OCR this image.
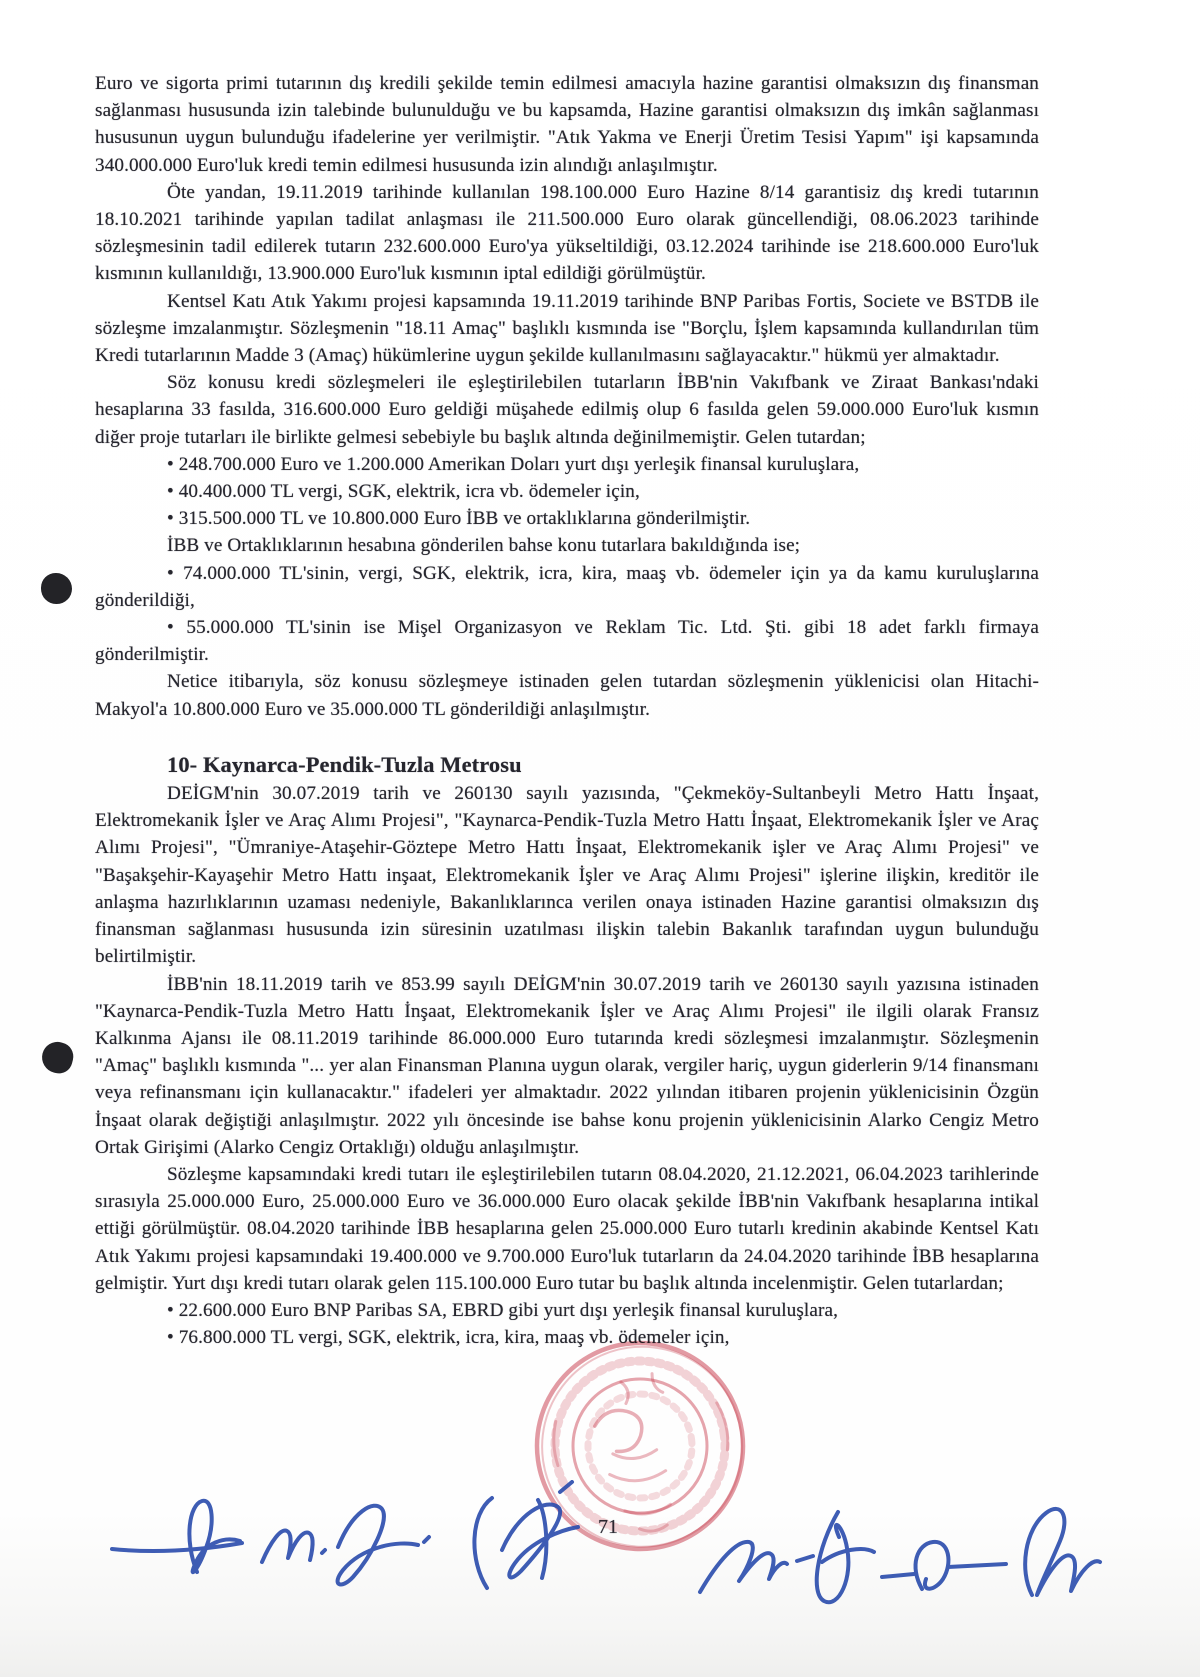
Euro ve sigorta primi tutarının dış kredili şekilde temin edilmesi amacıyla hazine garantisi olmaksızın dış finansman sağlanması hususunda izin talebinde bulunulduğu ve bu kapsamda, Hazine garantisi olmaksızın dış imkân sağlanması hususunun uygun bulunduğu ifadelerine yer verilmiştir. "Atık Yakma ve Enerji Üretim Tesisi Yapım" işi kapsamında 340.000.000 Euro'luk kredi temin edilmesi hususunda izin alındığı anlaşılmıştır.

Öte yandan, 19.11.2019 tarihinde kullanılan 198.100.000 Euro Hazine 8/14 garantisiz dış kredi tutarının 18.10.2021 tarihinde yapılan tadilat anlaşması ile 211.500.000 Euro olarak güncellendiği, 08.06.2023 tarihinde sözleşmesinin tadil edilerek tutarın 232.600.000 Euro'ya yükseltildiği, 03.12.2024 tarihinde ise 218.600.000 Euro'luk kısmının kullanıldığı, 13.900.000 Euro'luk kısmının iptal edildiği görülmüştür.

Kentsel Katı Atık Yakımı projesi kapsamında 19.11.2019 tarihinde BNP Paribas Fortis, Societe ve BSTDB ile sözleşme imzalanmıştır. Sözleşmenin "18.11 Amaç" başlıklı kısmında ise "Borçlu, İşlem kapsamında kullandırılan tüm Kredi tutarlarının Madde 3 (Amaç) hükümlerine uygun şekilde kullanılmasını sağlayacaktır." hükmü yer almaktadır.

Söz konusu kredi sözleşmeleri ile eşleştirilebilen tutarların İBB'nin Vakıfbank ve Ziraat Bankası'ndaki hesaplarına 33 fasılda, 316.600.000 Euro geldiği müşahede edilmiş olup 6 fasılda gelen 59.000.000 Euro'luk kısmın diğer proje tutarları ile birlikte gelmesi sebebiyle bu başlık altında değinilmemiştir. Gelen tutardan;

• 248.700.000 Euro ve 1.200.000 Amerikan Doları yurt dışı yerleşik finansal kuruluşlara,

• 40.400.000 TL vergi, SGK, elektrik, icra vb. ödemeler için,

• 315.500.000 TL ve 10.800.000 Euro İBB ve ortaklıklarına gönderilmiştir.

İBB ve Ortaklıklarının hesabına gönderilen bahse konu tutarlara bakıldığında ise;

• 74.000.000 TL'sinin, vergi, SGK, elektrik, icra, kira, maaş vb. ödemeler için ya da kamu kuruluşlarına gönderildiği,

• 55.000.000 TL'sinin ise Mişel Organizasyon ve Reklam Tic. Ltd. Şti. gibi 18 adet farklı firmaya gönderilmiştir.

Netice itibarıyla, söz konusu sözleşmeye istinaden gelen tutardan sözleşmenin yüklenicisi olan Hitachi-Makyol'a 10.800.000 Euro ve 35.000.000 TL gönderildiği anlaşılmıştır.

10- Kaynarca-Pendik-Tuzla Metrosu

DEİGM'nin 30.07.2019 tarih ve 260130 sayılı yazısında, "Çekmeköy-Sultanbeyli Metro Hattı İnşaat, Elektromekanik İşler ve Araç Alımı Projesi", "Kaynarca-Pendik-Tuzla Metro Hattı İnşaat, Elektromekanik İşler ve Araç Alımı Projesi", "Ümraniye-Ataşehir-Göztepe Metro Hattı İnşaat, Elektromekanik işler ve Araç Alımı Projesi" ve "Başakşehir-Kayaşehir Metro Hattı inşaat, Elektromekanik İşler ve Araç Alımı Projesi" işlerine ilişkin, kreditör ile anlaşma hazırlıklarının uzaması nedeniyle, Bakanlıklarınca verilen onaya istinaden Hazine garantisi olmaksızın dış finansman sağlanması hususunda izin süresinin uzatılması ilişkin talebin Bakanlık tarafından uygun bulunduğu belirtilmiştir.

İBB'nin 18.11.2019 tarih ve 853.99 sayılı DEİGM'nin 30.07.2019 tarih ve 260130 sayılı yazısına istinaden "Kaynarca-Pendik-Tuzla Metro Hattı İnşaat, Elektromekanik İşler ve Araç Alımı Projesi" ile ilgili olarak Fransız Kalkınma Ajansı ile 08.11.2019 tarihinde 86.000.000 Euro tutarında kredi sözleşmesi imzalanmıştır. Sözleşmenin "Amaç" başlıklı kısmında "... yer alan Finansman Planına uygun olarak, vergiler hariç, uygun giderlerin 9/14 finansmanı veya refinansmanı için kullanacaktır." ifadeleri yer almaktadır. 2022 yılından itibaren projenin yüklenicisinin Özgün İnşaat olarak değiştiği anlaşılmıştır. 2022 yılı öncesinde ise bahse konu projenin yüklenicisinin Alarko Cengiz Metro Ortak Girişimi (Alarko Cengiz Ortaklığı) olduğu anlaşılmıştır.

Sözleşme kapsamındaki kredi tutarı ile eşleştirilebilen tutarın 08.04.2020, 21.12.2021, 06.04.2023 tarihlerinde sırasıyla 25.000.000 Euro, 25.000.000 Euro ve 36.000.000 Euro olacak şekilde İBB'nin Vakıfbank hesaplarına intikal ettiği görülmüştür. 08.04.2020 tarihinde İBB hesaplarına gelen 25.000.000 Euro tutarlı kredinin akabinde Kentsel Katı Atık Yakımı projesi kapsamındaki 19.400.000 ve 9.700.000 Euro'luk tutarların da 24.04.2020 tarihinde İBB hesaplarına gelmiştir. Yurt dışı kredi tutarı olarak gelen 115.100.000 Euro tutar bu başlık altında incelenmiştir. Gelen tutarlardan;

• 22.600.000 Euro BNP Paribas SA, EBRD gibi yurt dışı yerleşik finansal kuruluşlara,

• 76.800.000 TL vergi, SGK, elektrik, icra, kira, maaş vb. ödemeler için,

71
